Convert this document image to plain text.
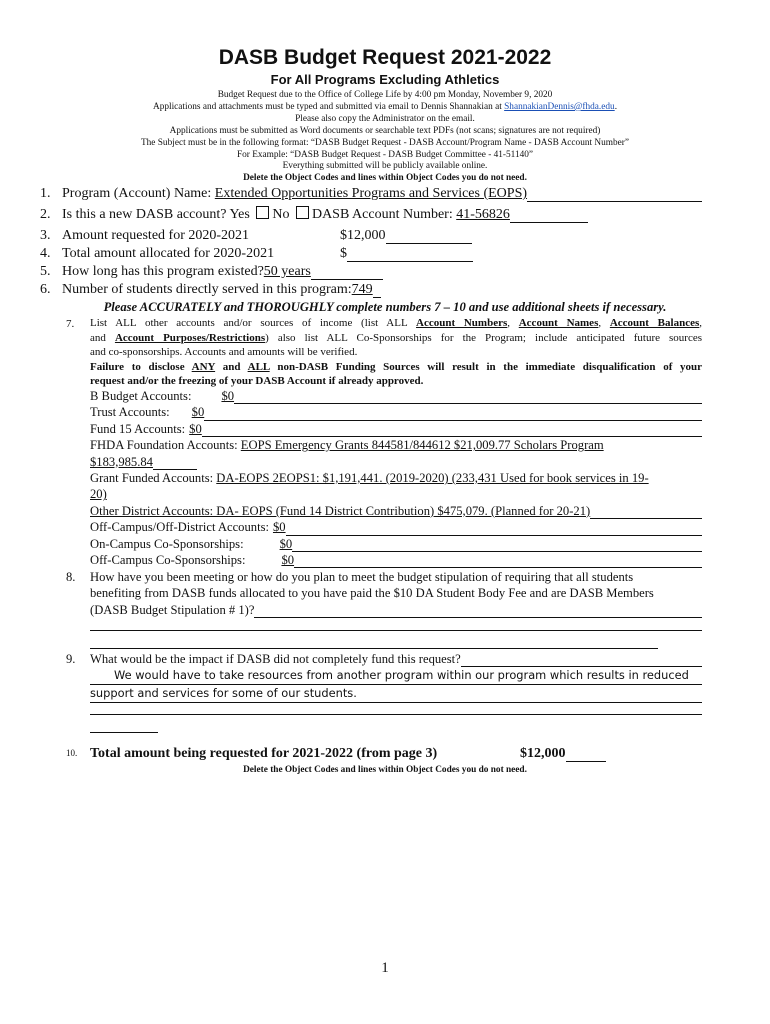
DASB Budget Request 2021-2022
For All Programs Excluding Athletics
Budget Request due to the Office of College Life by 4:00 pm Monday, November 9, 2020
Applications and attachments must be typed and submitted via email to Dennis Shannakian at ShannakianDennis@fhda.edu.
Please also copy the Administrator on the email.
Applications must be submitted as Word documents or searchable text PDFs (not scans; signatures are not required)
The Subject must be in the following format: “DASB Budget Request - DASB Account/Program Name - DASB Account Number”
For Example: “DASB Budget Request - DASB Budget Committee - 41-51140”
Everything submitted will be publicly available online.
Delete the Object Codes and lines within Object Codes you do not need.
1. Program (Account) Name:
Extended Opportunities Programs and Services (EOPS)
2. Is this a new DASB account? Yes No DASB Account Number: 41-56826
3. Amount requested for 2020-2021	$12,000
4. Total amount allocated for 2020-2021	$
5. How long has this program existed?50 years
6. Number of students directly served in this program:749
Please ACCURATELY and THOROUGHLY complete numbers 7 – 10 and use additional sheets if necessary.
7. List ALL other accounts and/or sources of income (list ALL Account Numbers, Account Names, Account Balances,
and Account Purposes/Restrictions) also list ALL Co-Sponsorships for the Program; include anticipated future sources
and co-sponsorships. Accounts and amounts will be verified.
Failure to disclose ANY and ALL non-DASB Funding Sources will result in the immediate disqualification of your
request and/or the freezing of your DASB Account if already approved.
B Budget Accounts:	$0
Trust Accounts:	$0
Fund 15 Accounts: $0
FHDA Foundation Accounts: EOPS Emergency Grants 844581/844612 $21,009.77 Scholars Program
$183,985.84
Grant Funded Accounts: DA-EOPS 2EOPS1: $1,191,441. (2019-2020) (233,431 Used for book services in 19-
20)
Other District Accounts: DA- EOPS (Fund 14 District Contribution) $475,079. (Planned for 20-21)
Off-Campus/Off-District Accounts: $0
On-Campus Co-Sponsorships:	$0
Off-Campus Co-Sponsorships:	$0
8. How have you been meeting or how do you plan to meet the budget stipulation of requiring that all students
benefiting from DASB funds allocated to you have paid the $10 DA Student Body Fee and are DASB Members
(DASB Budget Stipulation # 1)?
9. What would be the impact if DASB did not completely fund this request?
We would have to take resources from another program within our program which results in reduced
support and services for some of our students.
10. Total amount being requested for 2021-2022 (from page 3)	$12,000
Delete the Object Codes and lines within Object Codes you do not need.
1
